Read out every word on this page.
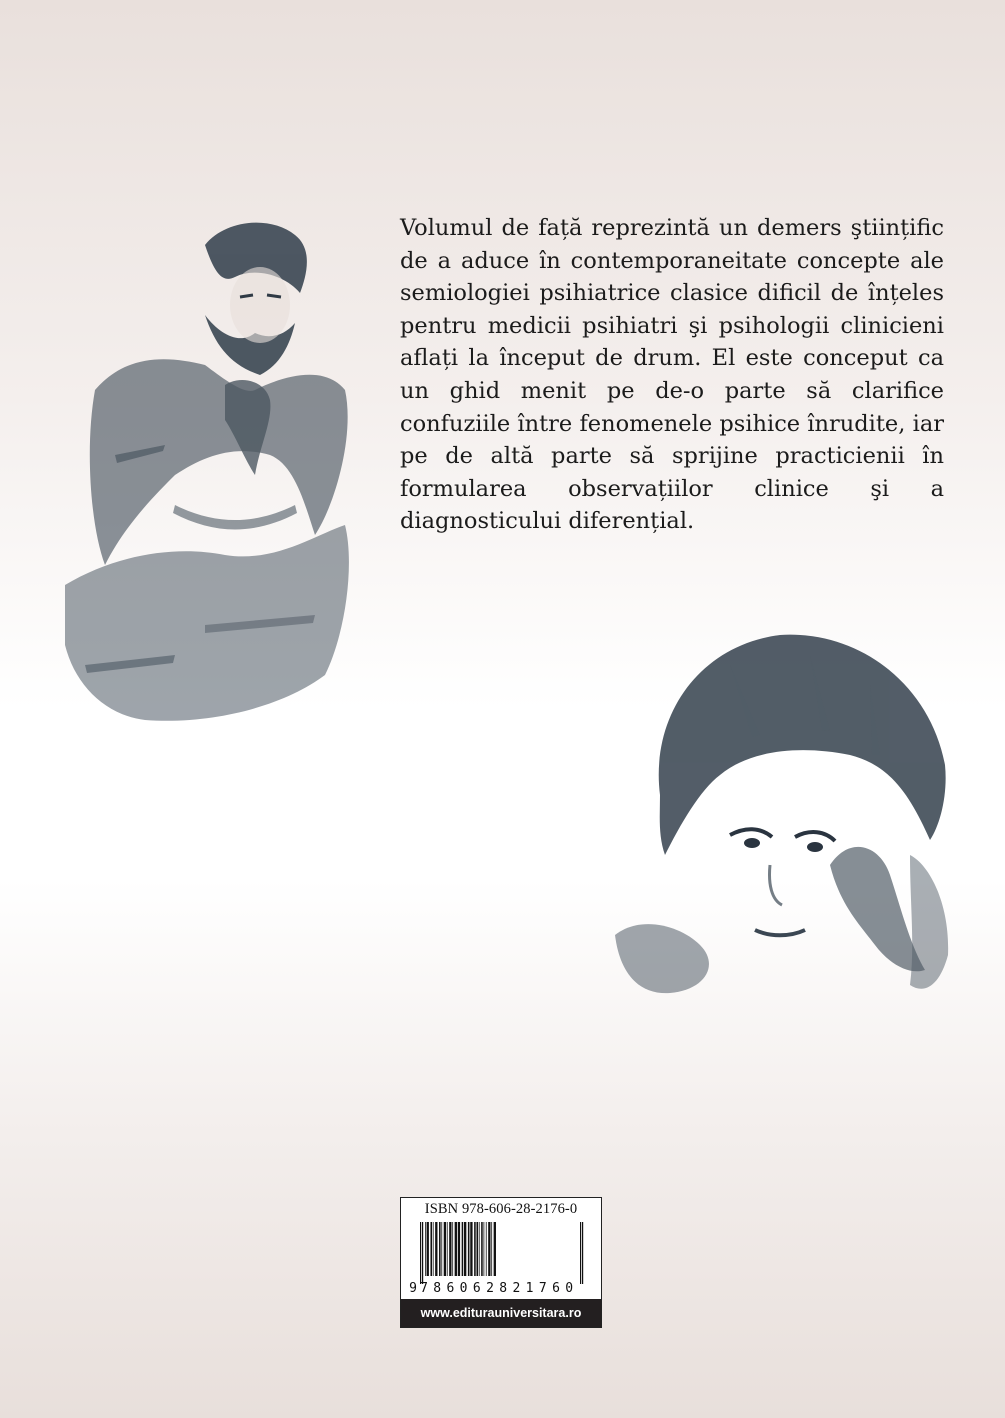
Volumul de față reprezintă un demers ştiințific de a aduce în contemporaneitate concepte ale semiologiei psihiatrice clasice dificil de înțeles pentru medicii psihiatri şi psihologii clinicieni aflați la început de drum. El este conceput ca un ghid menit pe de-o parte să clarifice confuziile între fenomenele psihice înrudite, iar pe de altă parte să sprijine practicienii în formularea observațiilor clinice şi a diagnosticului diferențial.

ISBN 978-606-28-2176-0
9 7 8 6 0 6 2 8 2 1 7 6 0
www.editurauniversitara.ro
